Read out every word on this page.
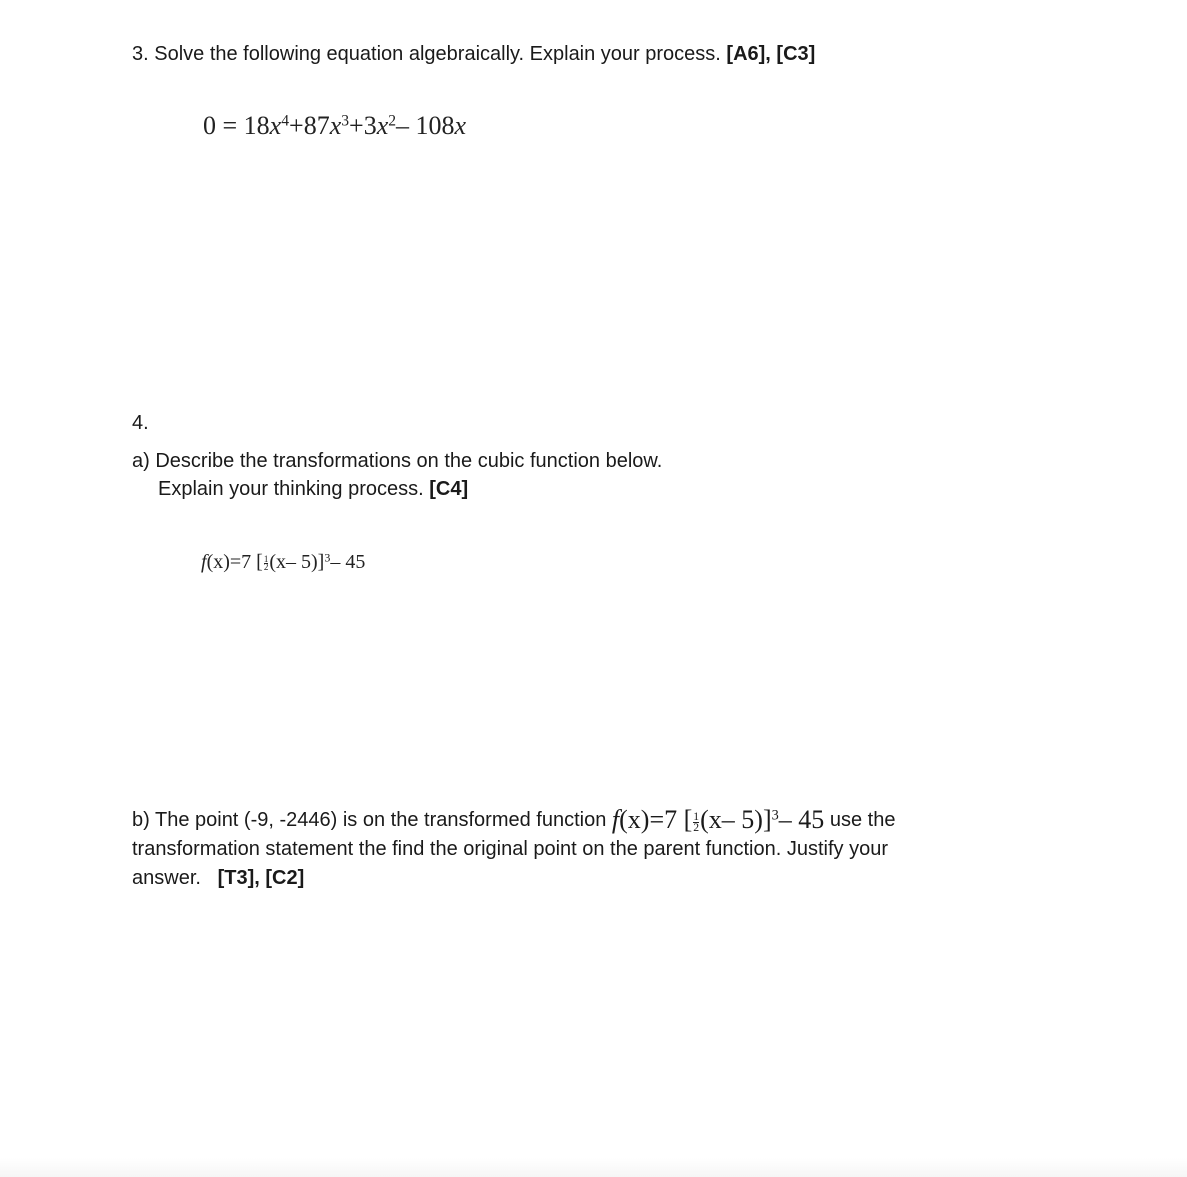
3. Solve the following equation algebraically. Explain your process. [A6], [C3]
$0 = 18x^4+87x^3+3x^2-$ 108x
4.
a) Describe the transformations on the cubic function below.
Explain your thinking process. [C4]
f(x)=7 [ $\frac{1}{2} (x-$ 5)]$^3$– 45
b) The point (-9, -2446) is on the transformed function f(x)=7 [ $\frac{1}{2} (x-$ 5)]$^3$– 45 use the
transformation statement the find the original point on the parent function. Justify your
answer. [T3], [C2]
